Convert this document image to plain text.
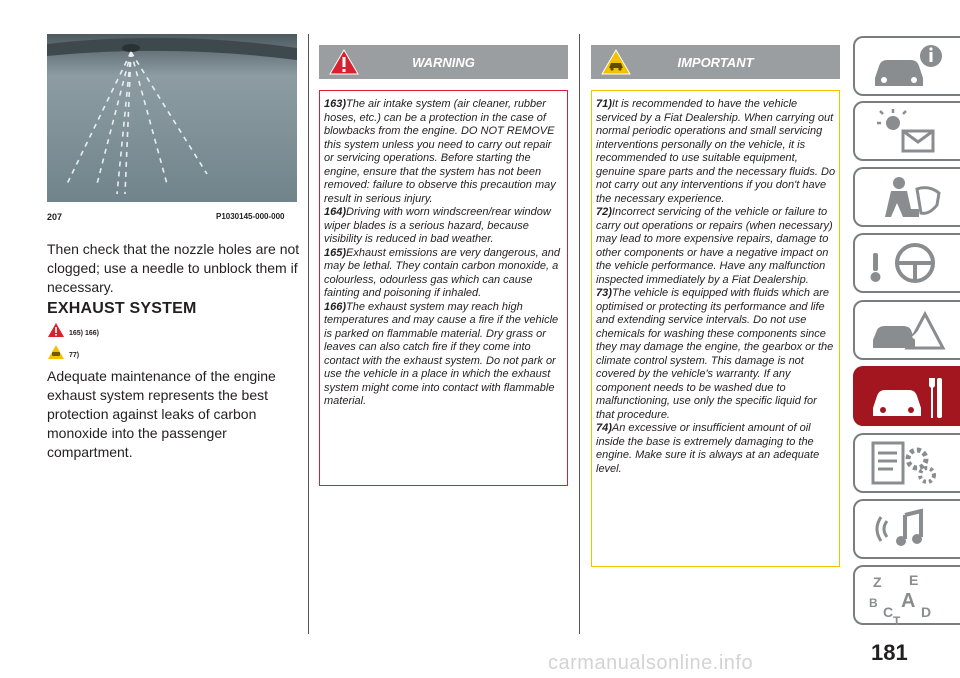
207	P1030145-000-000
Then check that the nozzle holes are not clogged; use a needle to unblock them if necessary.
EXHAUST SYSTEM
165) 166)
77)
Adequate maintenance of the engine exhaust system represents the best protection against leaks of carbon monoxide into the passenger compartment.
WARNING
163)The air intake system (air cleaner, rubber hoses, etc.) can be a protection in the case of blowbacks from the engine. DO NOT REMOVE this system unless you need to carry out repair or servicing operations. Before starting the engine, ensure that the system has not been removed: failure to observe this precaution may result in serious injury.
164)Driving with worn windscreen/rear window wiper blades is a serious hazard, because visibility is reduced in bad weather.
165)Exhaust emissions are very dangerous, and may be lethal. They contain carbon monoxide, a colourless, odourless gas which can cause fainting and poisoning if inhaled.
166)The exhaust system may reach high temperatures and may cause a fire if the vehicle is parked on flammable material. Dry grass or leaves can also catch fire if they come into contact with the exhaust system. Do not park or use the vehicle in a place in which the exhaust system might come into contact with flammable material.
IMPORTANT
71)It is recommended to have the vehicle serviced by a Fiat Dealership. When carrying out normal periodic operations and small servicing interventions personally on the vehicle, it is recommended to use suitable equipment, genuine spare parts and the necessary fluids. Do not carry out any interventions if you don't have the necessary experience.
72)Incorrect servicing of the vehicle or failure to carry out operations or repairs (when necessary) may lead to more expensive repairs, damage to other components or have a negative impact on the vehicle performance. Have any malfunction inspected immediately by a Fiat Dealership.
73)The vehicle is equipped with fluids which are optimised or protecting its performance and life and extending service intervals. Do not use chemicals for washing these components since they may damage the engine, the gearbox or the climate control system. This damage is not covered by the vehicle's warranty. If any component needs to be washed due to malfunctioning, use only the specific liquid for that procedure.
74)An excessive or insufficient amount of oil inside the base is extremely damaging to the engine. Make sure it is always at an adequate level.
Z E
B A
C D
T
181
carmanualsonline.info
